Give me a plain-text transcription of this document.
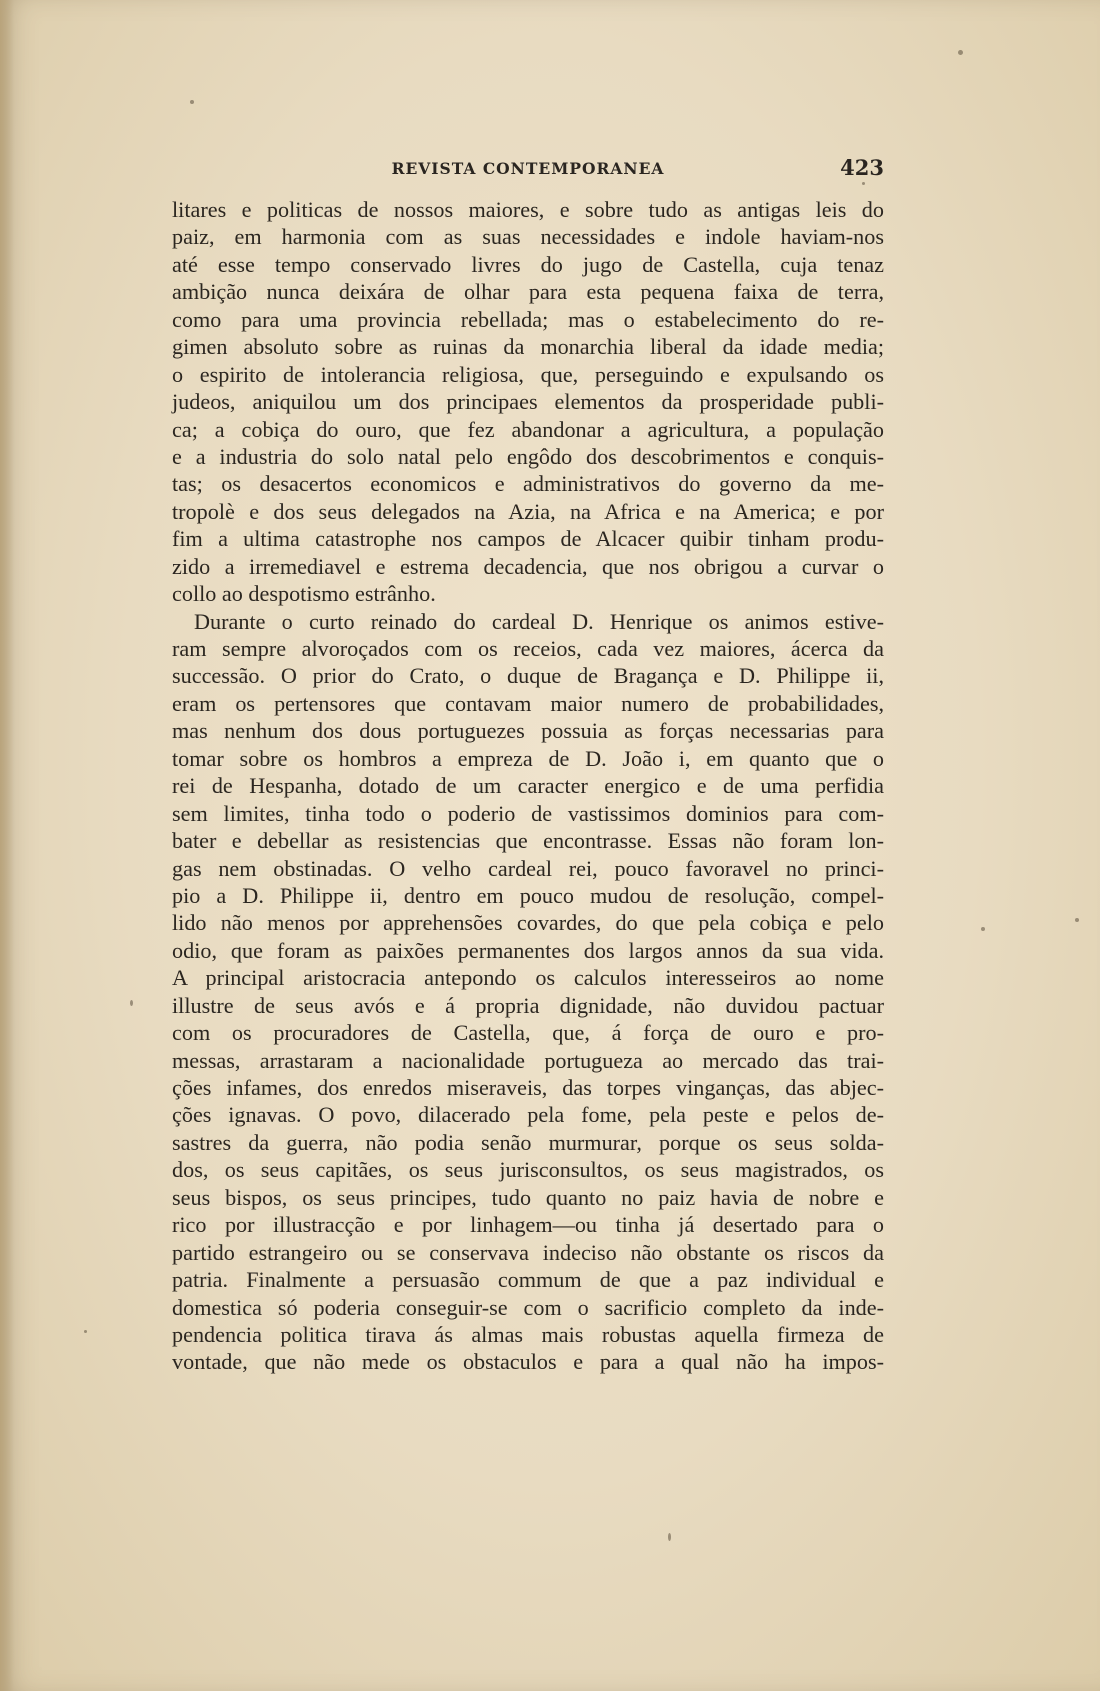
REVISTA CONTEMPORANEA	423
litares e politicas de nossos maiores, e sobre tudo as antigas leis do
paiz, em harmonia com as suas necessidades e indole haviam-nos
até esse tempo conservado livres do jugo de Castella, cuja tenaz
ambição nunca deixára de olhar para esta pequena faixa de terra,
como para uma provincia rebellada; mas o estabelecimento do re-
gimen absoluto sobre as ruinas da monarchia liberal da idade media;
o espirito de intolerancia religiosa, que, perseguindo e expulsando os
judeos, aniquilou um dos principaes elementos da prosperidade publi-
ca; a cobiça do ouro, que fez abandonar a agricultura, a população
e a industria do solo natal pelo engôdo dos descobrimentos e conquis-
tas; os desacertos economicos e administrativos do governo da me-
tropolè e dos seus delegados na Azia, na Africa e na America; e por
fim a ultima catastrophe nos campos de Alcacer quibir tinham produ-
zido a irremediavel e estrema decadencia, que nos obrigou a curvar o
collo ao despotismo estrânho.
Durante o curto reinado do cardeal D. Henrique os animos estive-
ram sempre alvoroçados com os receios, cada vez maiores, ácerca da
successão. O prior do Crato, o duque de Bragança e D. Philippe ii,
eram os pertensores que contavam maior numero de probabilidades,
mas nenhum dos dous portuguezes possuia as forças necessarias para
tomar sobre os hombros a empreza de D. João i, em quanto que o
rei de Hespanha, dotado de um caracter energico e de uma perfidia
sem limites, tinha todo o poderio de vastissimos dominios para com-
bater e debellar as resistencias que encontrasse. Essas não foram lon-
gas nem obstinadas. O velho cardeal rei, pouco favoravel no princi-
pio a D. Philippe ii, dentro em pouco mudou de resolução, compel-
lido não menos por apprehensões covardes, do que pela cobiça e pelo
odio, que foram as paixões permanentes dos largos annos da sua vida.
A principal aristocracia antepondo os calculos interesseiros ao nome
illustre de seus avós e á propria dignidade, não duvidou pactuar
com os procuradores de Castella, que, á força de ouro e pro-
messas, arrastaram a nacionalidade portugueza ao mercado das trai-
ções infames, dos enredos miseraveis, das torpes vinganças, das abjec-
ções ignavas. O povo, dilacerado pela fome, pela peste e pelos de-
sastres da guerra, não podia senão murmurar, porque os seus solda-
dos, os seus capitães, os seus jurisconsultos, os seus magistrados, os
seus bispos, os seus principes, tudo quanto no paiz havia de nobre e
rico por illustracção e por linhagem—ou tinha já desertado para o
partido estrangeiro ou se conservava indeciso não obstante os riscos da
patria. Finalmente a persuasão commum de que a paz individual e
domestica só poderia conseguir-se com o sacrificio completo da inde-
pendencia politica tirava ás almas mais robustas aquella firmeza de
vontade, que não mede os obstaculos e para a qual não ha impos-
